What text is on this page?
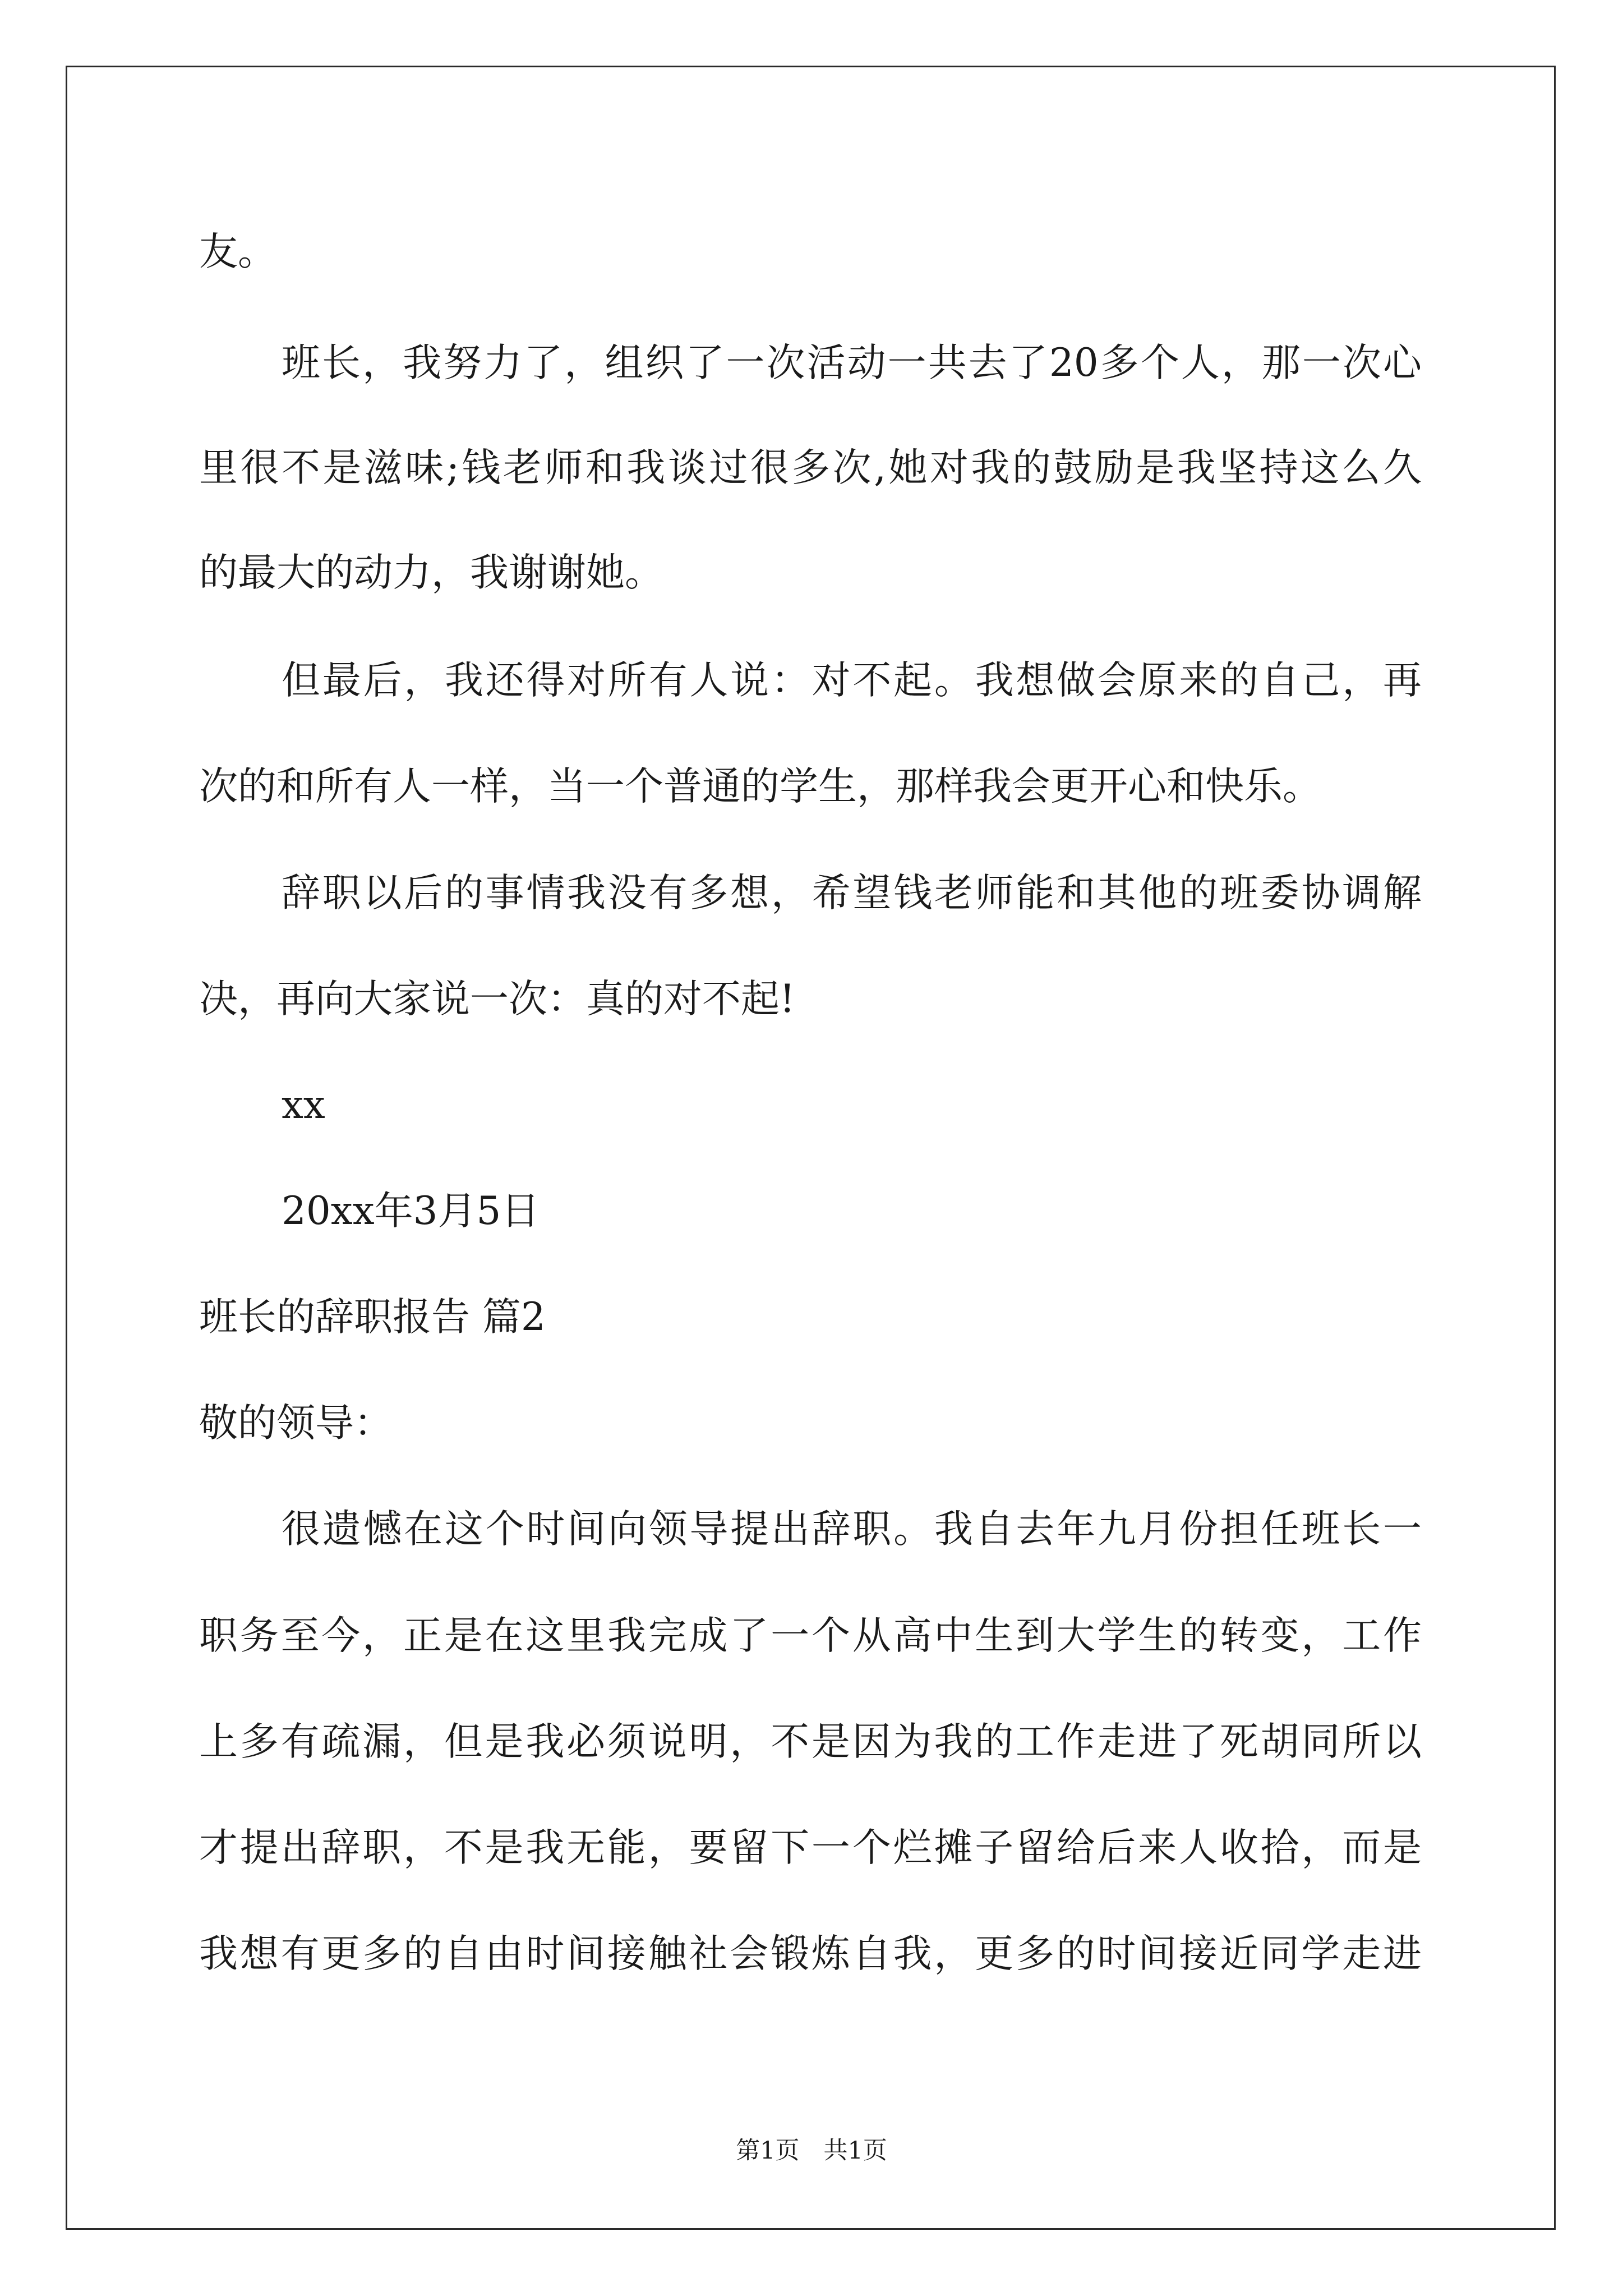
友。
班长，我努力了，组织了一次活动一共去了20多个人，那一次心
里很不是滋味;钱老师和我谈过很多次,她对我的鼓励是我坚持这么久
的最大的动力，我谢谢她。
但最后，我还得对所有人说：对不起。我想做会原来的自己，再
次的和所有人一样，当一个普通的学生，那样我会更开心和快乐。
辞职以后的事情我没有多想，希望钱老师能和其他的班委协调解
决，再向大家说一次：真的对不起!
xx
20xx年3月5日
班长的辞职报告 篇2
敬的领导：
很遗憾在这个时间向领导提出辞职。我自去年九月份担任班长一
职务至今，正是在这里我完成了一个从高中生到大学生的转变，工作
上多有疏漏，但是我必须说明，不是因为我的工作走进了死胡同所以
才提出辞职，不是我无能，要留下一个烂摊子留给后来人收拾，而是
我想有更多的自由时间接触社会锻炼自我，更多的时间接近同学走进
第1页　共1页
